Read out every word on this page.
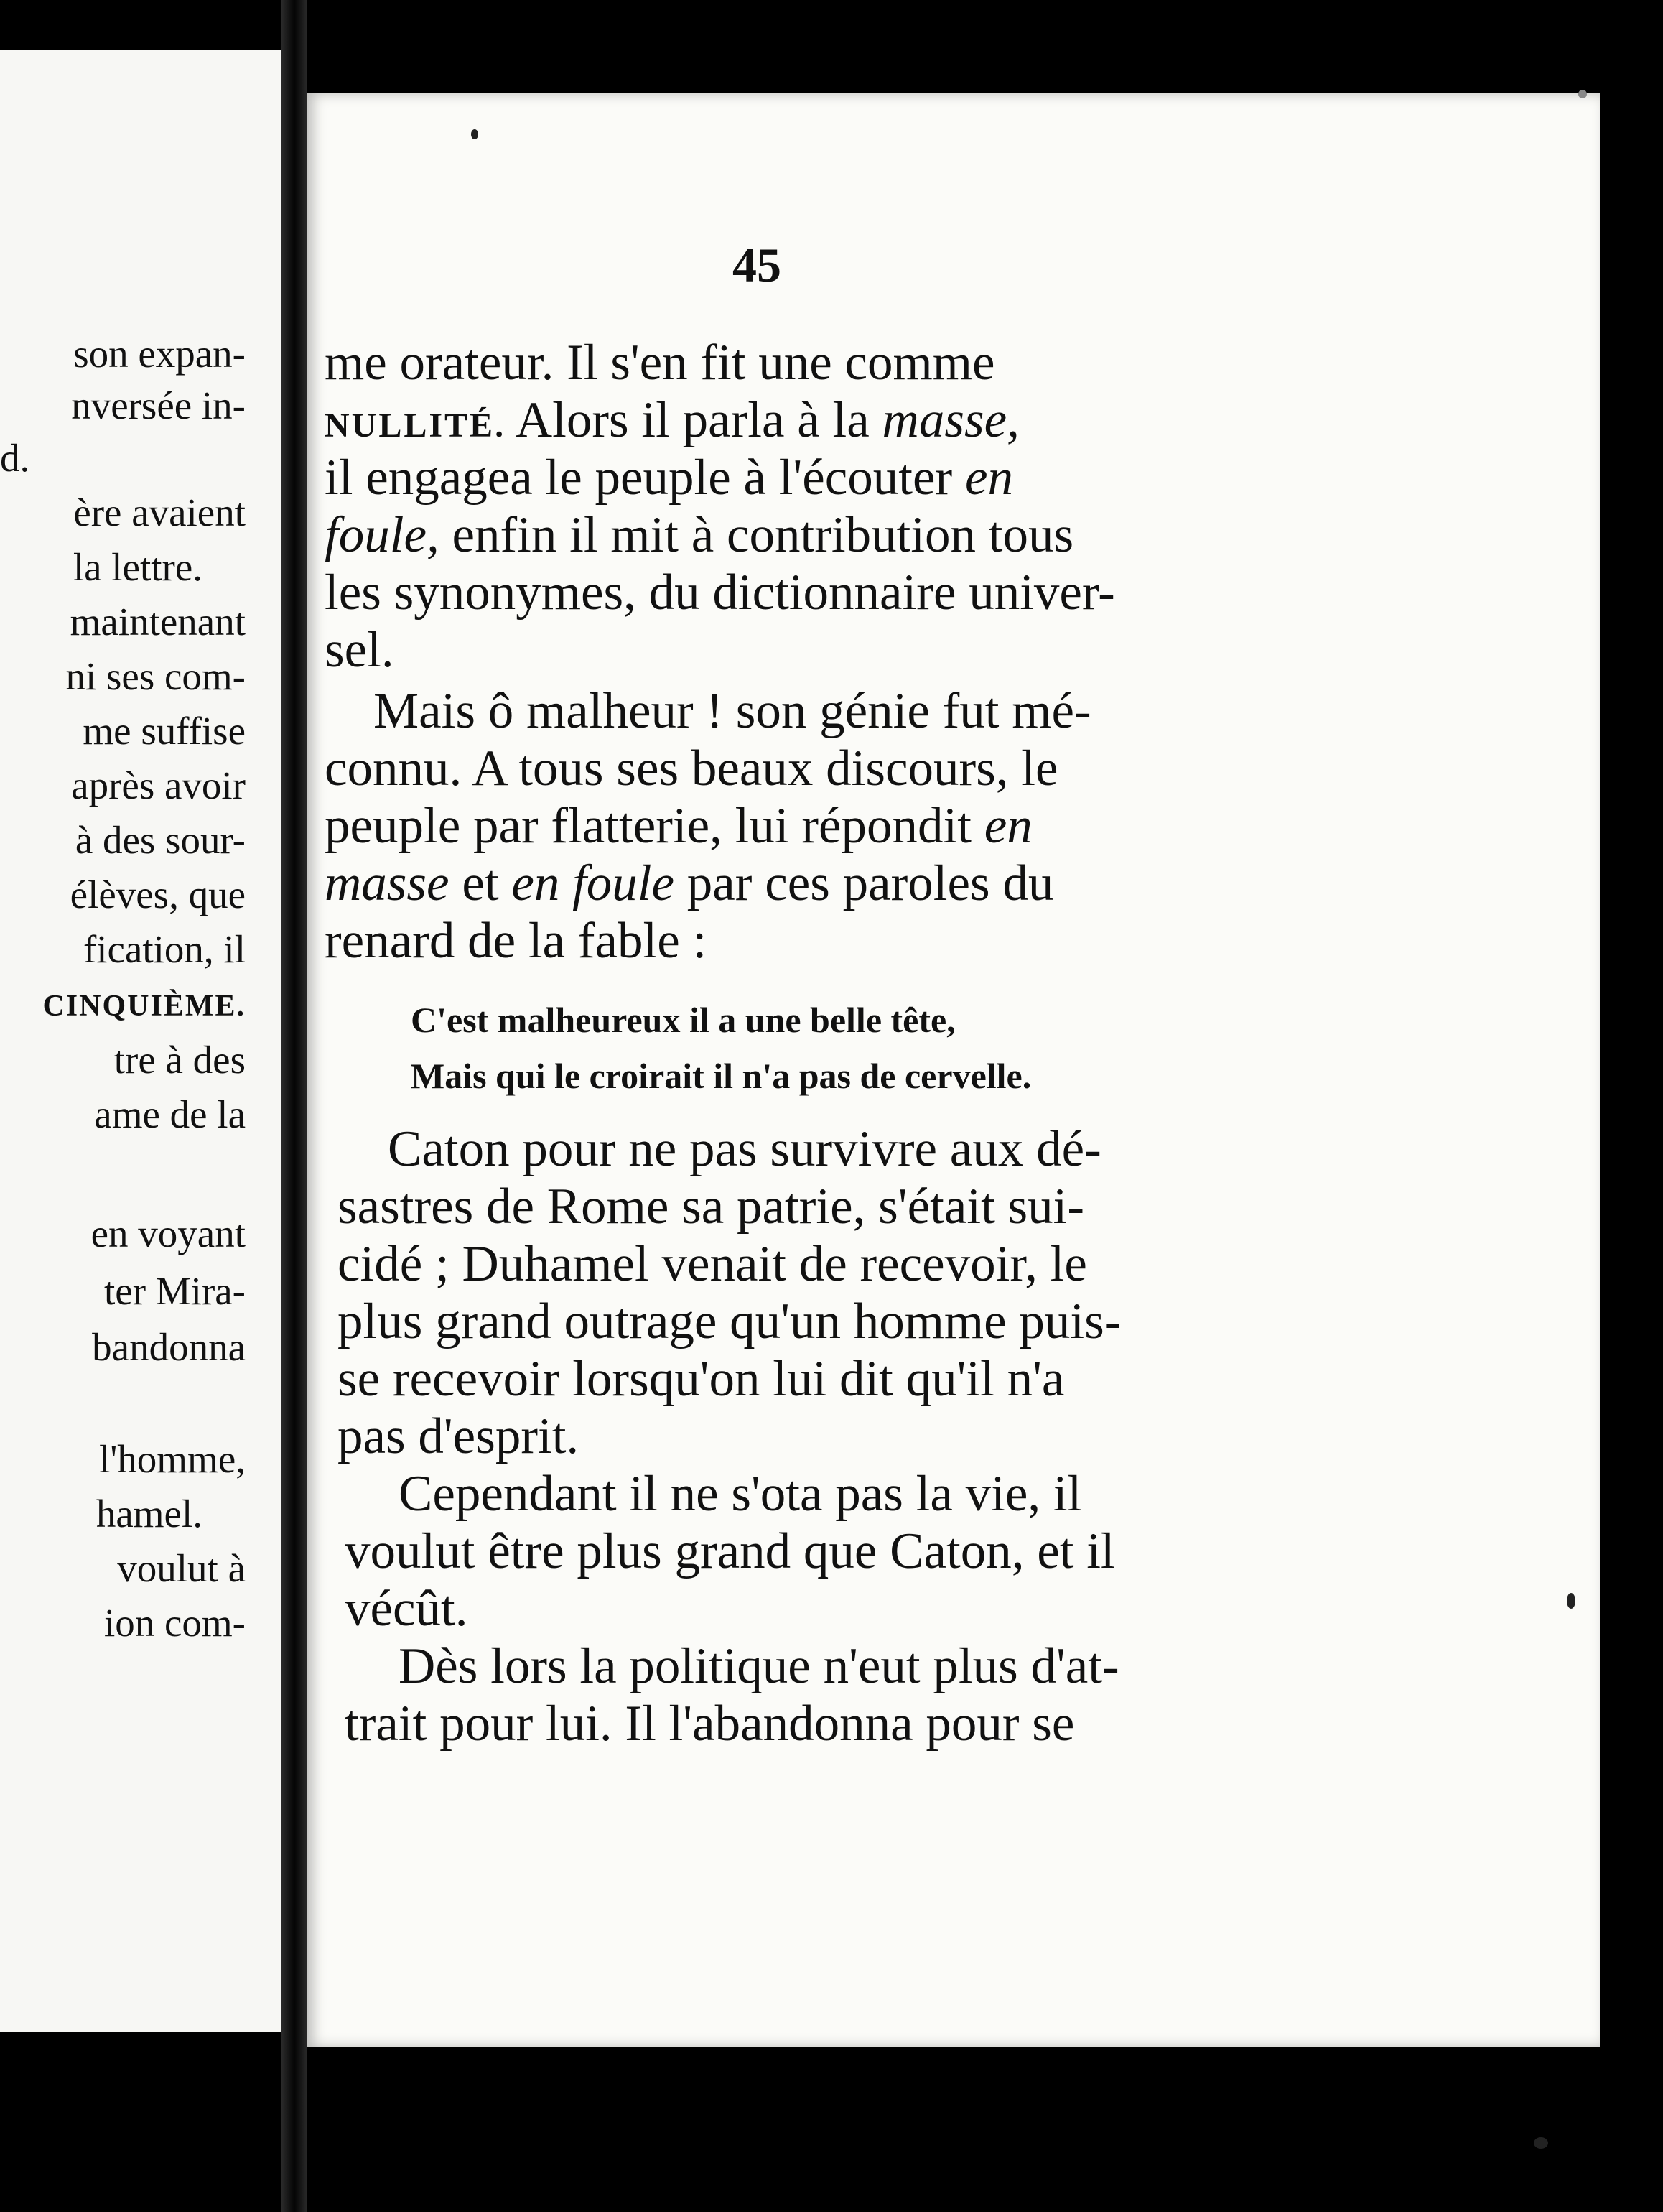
son expan-
nversée in-
d.
ère avaient
la lettre.
maintenant
ni ses com-
me suffise
après avoir
à des sour-
élèves, que
fication, il
CINQUIÈME.
tre à des
ame de la
en voyant
ter Mira-
bandonna
l'homme,
hamel.
voulut à
ion com-
45
me orateur. Il s'en fit une comme
NULLITÉ. Alors il parla à la masse,
il engagea le peuple à l'écouter en
foule, enfin il mit à contribution tous
les synonymes, du dictionnaire univer-
sel.
Mais ô malheur ! son génie fut mé-
connu. A tous ses beaux discours, le
peuple par flatterie, lui répondit en
masse et en foule par ces paroles du
renard de la fable :
C'est malheureux il a une belle tête,
Mais qui le croirait il n'a pas de cervelle.
Caton pour ne pas survivre aux dé-
sastres de Rome sa patrie, s'était sui-
cidé ; Duhamel venait de recevoir, le
plus grand outrage qu'un homme puis-
se recevoir lorsqu'on lui dit qu'il n'a
pas d'esprit.
Cependant il ne s'ota pas la vie, il
voulut être plus grand que Caton, et il
vécût.
Dès lors la politique n'eut plus d'at-
trait pour lui. Il l'abandonna pour se
